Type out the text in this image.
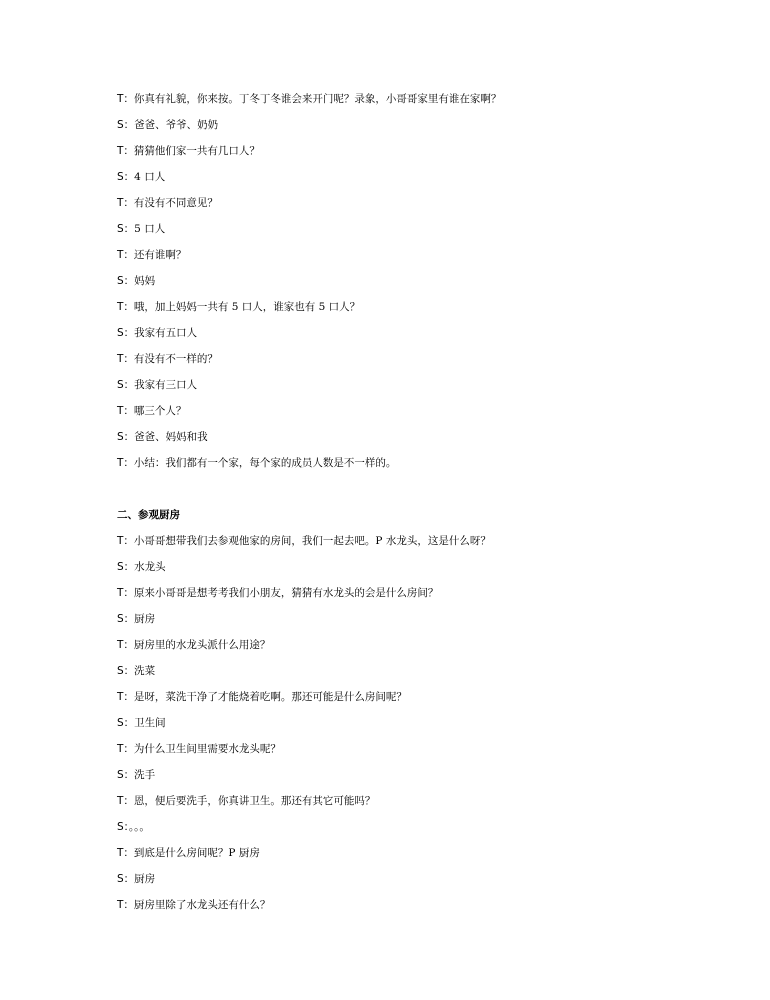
T：你真有礼貌，你来按。丁冬丁冬谁会来开门呢？录象，小哥哥家里有谁在家啊？
S：爸爸、爷爷、奶奶
T：猜猜他们家一共有几口人？
S：4 口人
T：有没有不同意见？
S：5 口人
T：还有谁啊？
S：妈妈
T：哦，加上妈妈一共有 5 口人，谁家也有 5 口人？
S：我家有五口人
T：有没有不一样的？
S：我家有三口人
T：哪三个人？
S：爸爸、妈妈和我
T：小结：我们都有一个家，每个家的成员人数是不一样的。
二、参观厨房
T：小哥哥想带我们去参观他家的房间，我们一起去吧。P 水龙头，这是什么呀？
S：水龙头
T：原来小哥哥是想考考我们小朋友，猜猜有水龙头的会是什么房间？
S：厨房
T：厨房里的水龙头派什么用途？
S：洗菜
T：是呀，菜洗干净了才能烧着吃啊。那还可能是什么房间呢？
S：卫生间
T：为什么卫生间里需要水龙头呢？
S：洗手
T：恩，便后要洗手，你真讲卫生。那还有其它可能吗？
S：。。。
T：到底是什么房间呢？P 厨房
S：厨房
T：厨房里除了水龙头还有什么？
